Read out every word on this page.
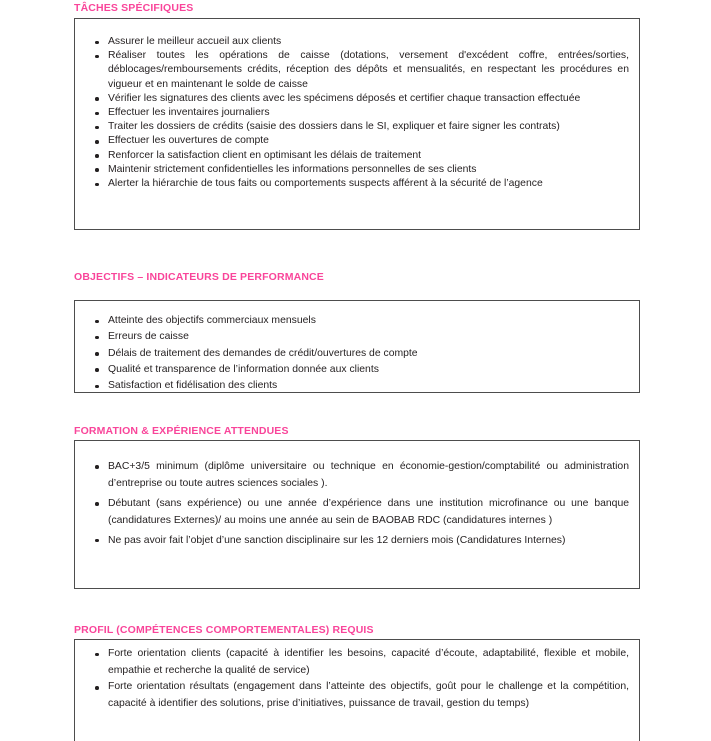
TÂCHES SPÉCIFIQUES
Assurer le meilleur accueil aux clients
Réaliser toutes les opérations de caisse (dotations, versement d'excédent coffre, entrées/sorties, déblocages/remboursements crédits, réception des dépôts et mensualités, en respectant les procédures en vigueur et en maintenant le solde de caisse
Vérifier les signatures des clients avec les spécimens déposés et certifier chaque transaction effectuée
Effectuer les inventaires journaliers
Traiter les dossiers de crédits (saisie des dossiers dans le SI, expliquer et faire signer les contrats)
Effectuer les ouvertures de compte
Renforcer la satisfaction client en optimisant les délais de traitement
Maintenir strictement confidentielles les informations personnelles de ses clients
Alerter la hiérarchie de tous faits ou comportements suspects afférent à la sécurité de l’agence
OBJECTIFS – INDICATEURS DE PERFORMANCE
Atteinte des objectifs commerciaux mensuels
Erreurs de caisse
Délais de traitement des demandes de crédit/ouvertures de compte
Qualité et transparence de l’information donnée aux clients
Satisfaction et fidélisation des clients
FORMATION & EXPÉRIENCE ATTENDUES
BAC+3/5 minimum (diplôme universitaire ou technique en économie-gestion/comptabilité ou administration d’entreprise ou toute autres sciences sociales ).
Débutant (sans expérience) ou une année d’expérience dans une institution microfinance ou une banque (candidatures Externes)/ au moins une année au sein de BAOBAB RDC (candidatures internes )
Ne pas avoir fait l’objet d’une sanction disciplinaire sur les 12 derniers mois (Candidatures Internes)
PROFIL (COMPÉTENCES COMPORTEMENTALES) REQUIS
Forte orientation clients (capacité à identifier les besoins, capacité d’écoute, adaptabilité, flexible et mobile, empathie et recherche la qualité de service)
Forte orientation résultats (engagement dans l’atteinte des objectifs, goût pour le challenge et la compétition, capacité à identifier des solutions, prise d’initiatives, puissance de travail, gestion du temps)
